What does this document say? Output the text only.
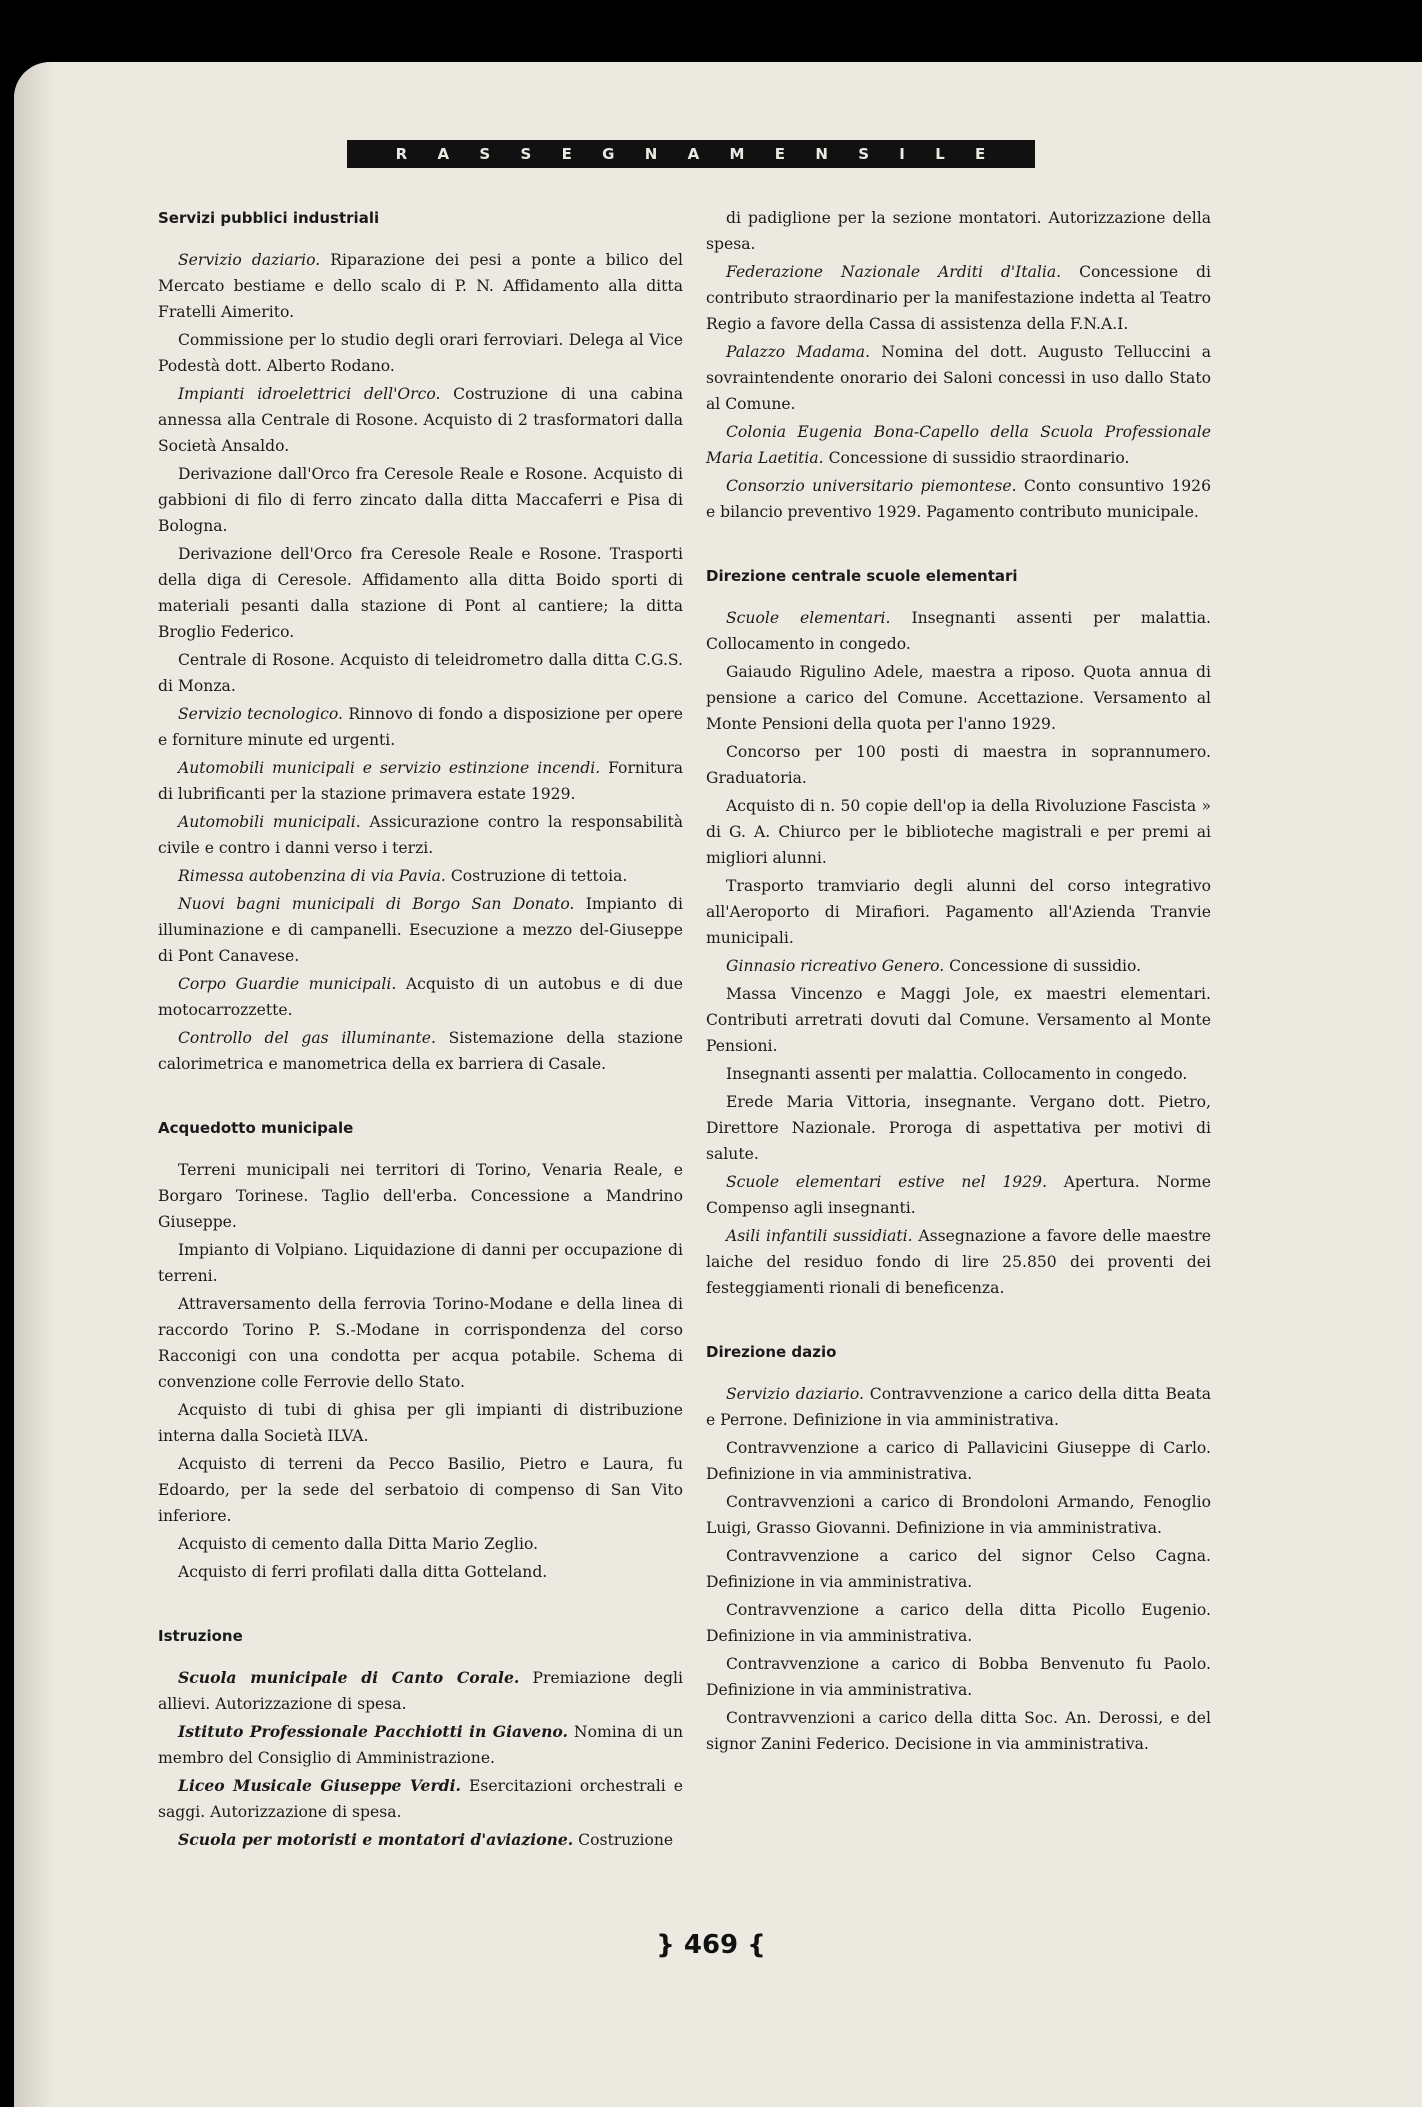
R A S S E G N A M E N S I L E
Servizi pubblici industriali

Servizio daziario. Riparazione dei pesi a ponte a bilico del Mercato bestiame e dello scalo di P. N. Affidamento alla ditta Fratelli Aimerito.

Commissione per lo studio degli orari ferroviari. Delega al Vice Podestà dott. Alberto Rodano.

Impianti idroelettrici dell'Orco. Costruzione di una cabina annessa alla Centrale di Rosone. Acquisto di 2 trasformatori dalla Società Ansaldo.

Derivazione dall'Orco fra Ceresole Reale e Rosone. Acquisto di gabbioni di filo di ferro zincato dalla ditta Maccaferri e Pisa di Bologna.

Derivazione dell'Orco fra Ceresole Reale e Rosone. Trasporti della diga di Ceresole. Affidamento alla ditta Boido sporti di materiali pesanti dalla stazione di Pont al cantiere; la ditta Broglio Federico.

Centrale di Rosone. Acquisto di teleidrometro dalla ditta C.G.S. di Monza.

Servizio tecnologico. Rinnovo di fondo a disposizione per opere e forniture minute ed urgenti.

Automobili municipali e servizio estinzione incendi. Fornitura di lubrificanti per la stazione primavera estate 1929.

Automobili municipali. Assicurazione contro la responsabilità civile e contro i danni verso i terzi.

Rimessa autobenzina di via Pavia. Costruzione di tettoia.

Nuovi bagni municipali di Borgo San Donato. Impianto di illuminazione e di campanelli. Esecuzione a mezzo del-Giuseppe di Pont Canavese.

Corpo Guardie municipali. Acquisto di un autobus e di due motocarrozzette.

Controllo del gas illuminante. Sistemazione della stazione calorimetrica e manometrica della ex barriera di Casale.

Acquedotto municipale

Terreni municipali nei territori di Torino, Venaria Reale, e Borgaro Torinese. Taglio dell'erba. Concessione a Mandrino Giuseppe.

Impianto di Volpiano. Liquidazione di danni per occupazione di terreni.

Attraversamento della ferrovia Torino-Modane e della linea di raccordo Torino P. S.-Modane in corrispondenza del corso Racconigi con una condotta per acqua potabile. Schema di convenzione colle Ferrovie dello Stato.

Acquisto di tubi di ghisa per gli impianti di distribuzione interna dalla Società ILVA.

Acquisto di terreni da Pecco Basilio, Pietro e Laura, fu Edoardo, per la sede del serbatoio di compenso di San Vito inferiore.

Acquisto di cemento dalla Ditta Mario Zeglio.

Acquisto di ferri profilati dalla ditta Gotteland.

Istruzione

Scuola municipale di Canto Corale. Premiazione degli allievi. Autorizzazione di spesa.

Istituto Professionale Pacchiotti in Giaveno. Nomina di un membro del Consiglio di Amministrazione.

Liceo Musicale Giuseppe Verdi. Esercitazioni orchestrali e saggi. Autorizzazione di spesa.

Scuola per motoristi e montatori d'aviazione. Costruzione

di padiglione per la sezione montatori. Autorizzazione della spesa.

Federazione Nazionale Arditi d'Italia. Concessione di contributo straordinario per la manifestazione indetta al Teatro Regio a favore della Cassa di assistenza della F.N.A.I.

Palazzo Madama. Nomina del dott. Augusto Telluccini a sovraintendente onorario dei Saloni concessi in uso dallo Stato al Comune.

Colonia Eugenia Bona-Capello della Scuola Professionale Maria Laetitia. Concessione di sussidio straordinario.

Consorzio universitario piemontese. Conto consuntivo 1926 e bilancio preventivo 1929. Pagamento contributo municipale.

Direzione centrale scuole elementari

Scuole elementari. Insegnanti assenti per malattia. Collocamento in congedo.

Gaiaudo Rigulino Adele, maestra a riposo. Quota annua di pensione a carico del Comune. Accettazione. Versamento al Monte Pensioni della quota per l'anno 1929.

Concorso per 100 posti di maestra in soprannumero. Graduatoria.

Acquisto di n. 50 copie dell'op ia della Rivoluzione Fascista » di G. A. Chiurco per le biblioteche magistrali e per premi ai migliori alunni.

Trasporto tramviario degli alunni del corso integrativo all'Aeroporto di Mirafiori. Pagamento all'Azienda Tranvie municipali.

Ginnasio ricreativo Genero. Concessione di sussidio.

Massa Vincenzo e Maggi Jole, ex maestri elementari. Contributi arretrati dovuti dal Comune. Versamento al Monte Pensioni.

Insegnanti assenti per malattia. Collocamento in congedo.

Erede Maria Vittoria, insegnante. Vergano dott. Pietro, Direttore Nazionale. Proroga di aspettativa per motivi di salute.

Scuole elementari estive nel 1929. Apertura. Norme Compenso agli insegnanti.

Asili infantili sussidiati. Assegnazione a favore delle maestre laiche del residuo fondo di lire 25.850 dei proventi dei festeggiamenti rionali di beneficenza.

Direzione dazio

Servizio daziario. Contravvenzione a carico della ditta Beata e Perrone. Definizione in via amministrativa.

Contravvenzione a carico di Pallavicini Giuseppe di Carlo. Definizione in via amministrativa.

Contravvenzioni a carico di Brondoloni Armando, Fenoglio Luigi, Grasso Giovanni. Definizione in via amministrativa.

Contravvenzione a carico del signor Celso Cagna. Definizione in via amministrativa.

Contravvenzione a carico della ditta Picollo Eugenio. Definizione in via amministrativa.

Contravvenzione a carico di Bobba Benvenuto fu Paolo. Definizione in via amministrativa.

Contravvenzioni a carico della ditta Soc. An. Derossi, e del signor Zanini Federico. Decisione in via amministrativa.

} 469 {
